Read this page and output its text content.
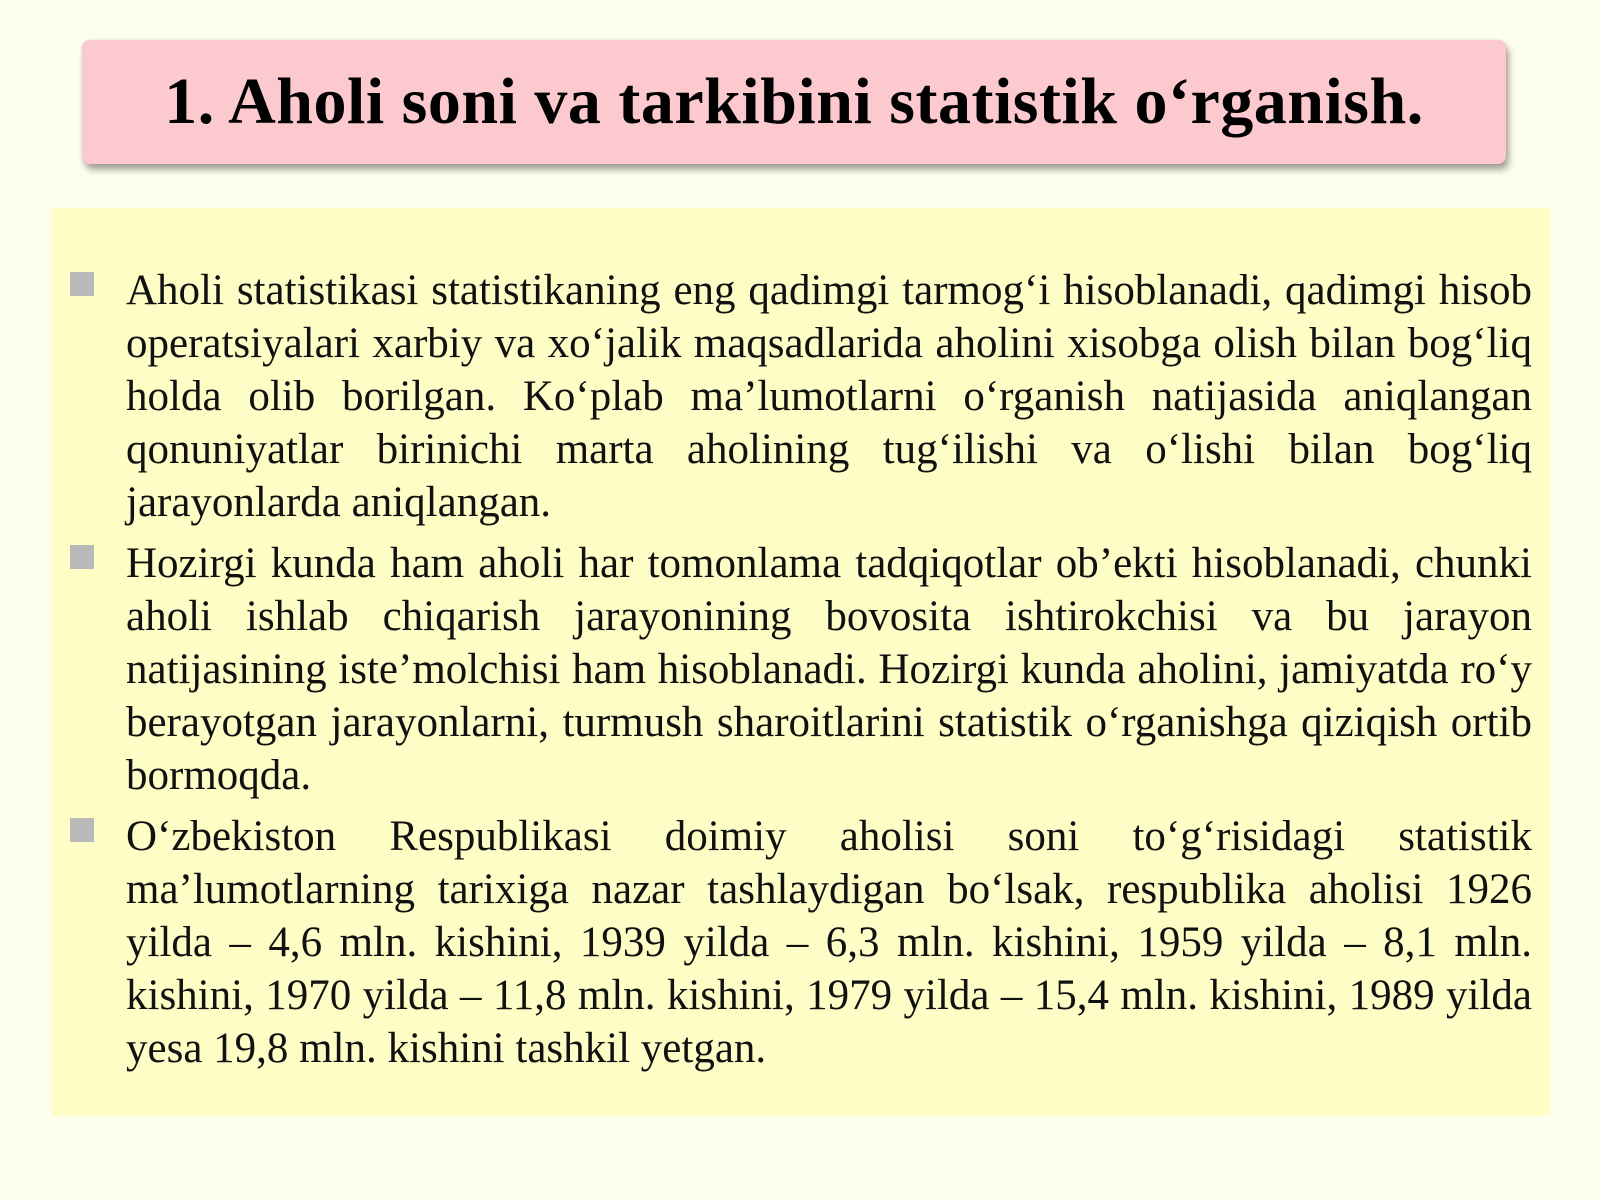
1. Aholi soni va tarkibini statistik o‘rganish.
Aholi statistikasi statistikaning eng qadimgi tarmog‘i hisoblanadi, qadimgi hisob operatsiyalari xarbiy va xo‘jalik maqsadlarida aholini xisobga olish bilan bog‘liq holda olib borilgan. Ko‘plab ma’lumotlarni o‘rganish natijasida aniqlangan qonuniyatlar birinichi marta aholining tug‘ilishi va o‘lishi bilan bog‘liq jarayonlarda aniqlangan.
Hozirgi kunda ham aholi har tomonlama tadqiqotlar ob’ekti hisoblanadi, chunki aholi ishlab chiqarish jarayonining bovosita ishtirokchisi va bu jarayon natijasining iste’molchisi ham hisoblanadi. Hozirgi kunda aholini, jamiyatda ro‘y berayotgan jarayonlarni, turmush sharoitlarini statistik o‘rganishga qiziqish ortib bormoqda.
O‘zbekiston Respublikasi doimiy aholisi soni to‘g‘risidagi statistik ma’lumotlarning tarixiga nazar tashlaydigan bo‘lsak, respublika aholisi 1926 yilda – 4,6 mln. kishini, 1939 yilda – 6,3 mln. kishini, 1959 yilda – 8,1 mln. kishini, 1970 yilda – 11,8 mln. kishini, 1979 yilda – 15,4 mln. kishini, 1989 yilda yesa 19,8 mln. kishini tashkil yetgan.
